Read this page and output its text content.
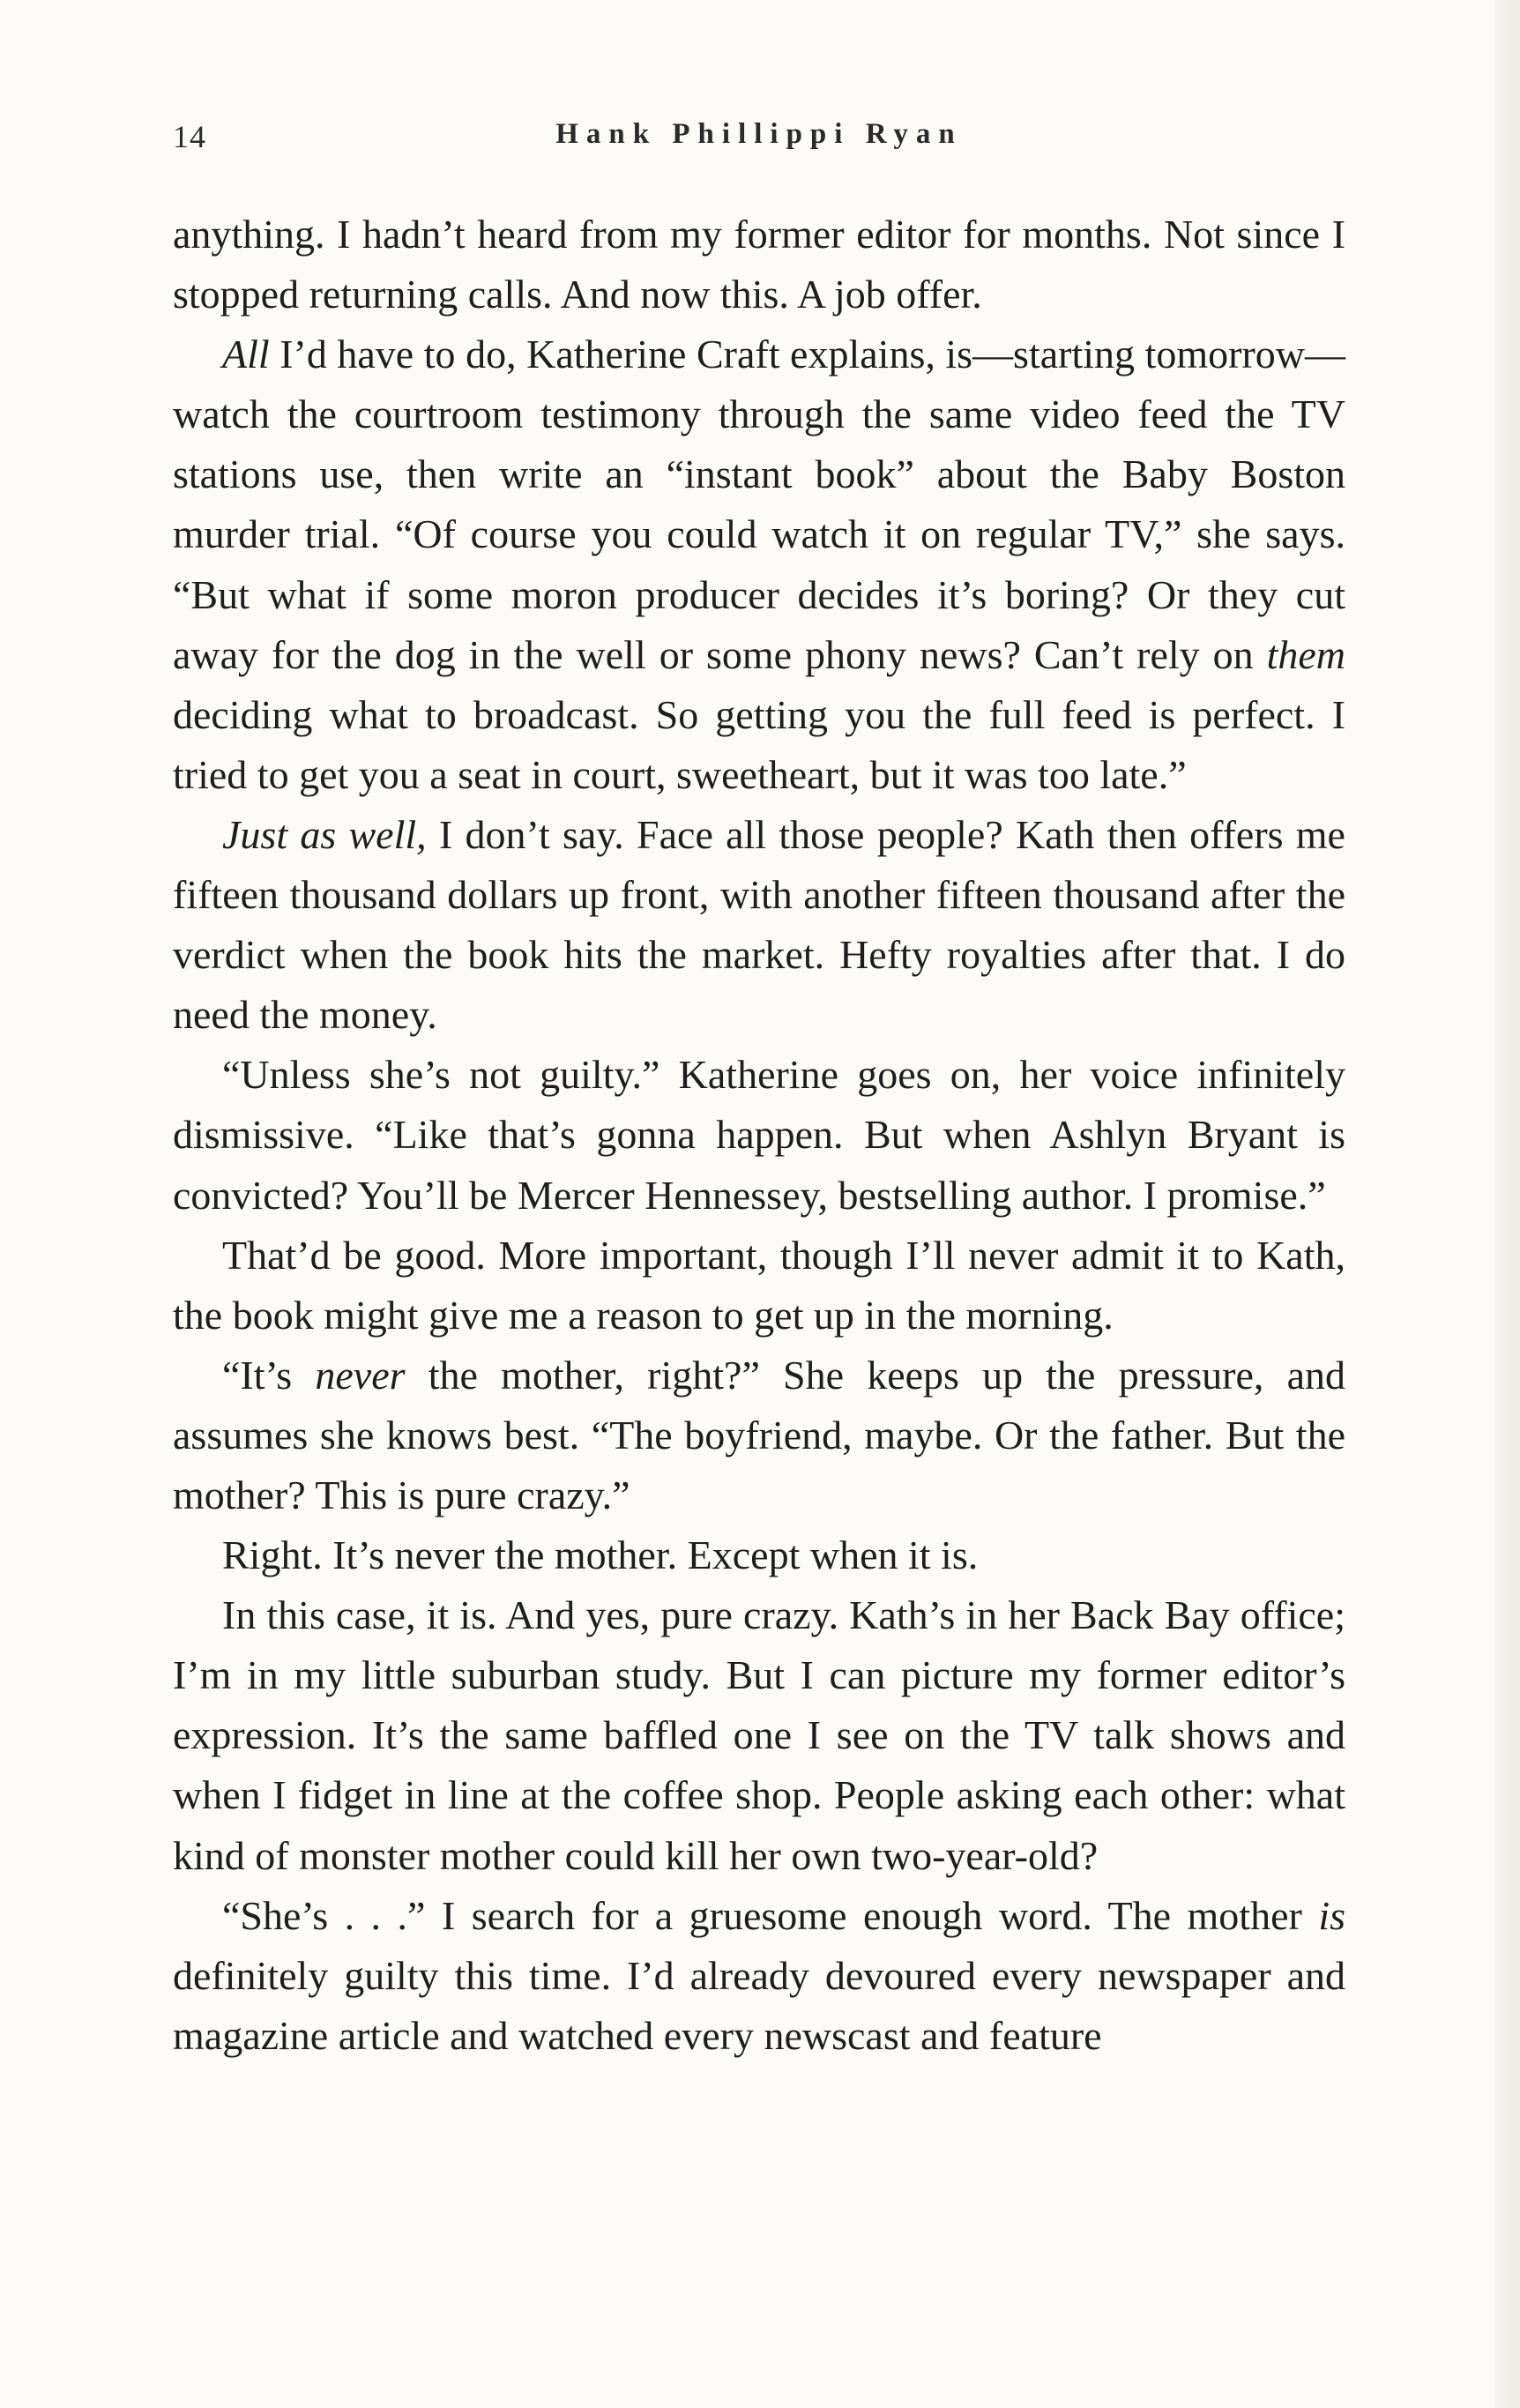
14	Hank Phillippi Ryan

anything. I hadn’t heard from my former editor for months. Not since I stopped returning calls. And now this. A job offer.

All I’d have to do, Katherine Craft explains, is—starting tomorrow—watch the courtroom testimony through the same video feed the TV stations use, then write an “instant book” about the Baby Boston murder trial. “Of course you could watch it on regular TV,” she says. “But what if some moron producer decides it’s boring? Or they cut away for the dog in the well or some phony news? Can’t rely on them deciding what to broadcast. So getting you the full feed is perfect. I tried to get you a seat in court, sweetheart, but it was too late.”

Just as well, I don’t say. Face all those people? Kath then offers me fifteen thousand dollars up front, with another fifteen thousand after the verdict when the book hits the market. Hefty royalties after that. I do need the money.

“Unless she’s not guilty.” Katherine goes on, her voice infinitely dismissive. “Like that’s gonna happen. But when Ashlyn Bryant is convicted? You’ll be Mercer Hennessey, bestselling author. I promise.”

That’d be good. More important, though I’ll never admit it to Kath, the book might give me a reason to get up in the morning.

“It’s never the mother, right?” She keeps up the pressure, and assumes she knows best. “The boyfriend, maybe. Or the father. But the mother? This is pure crazy.”

Right. It’s never the mother. Except when it is.

In this case, it is. And yes, pure crazy. Kath’s in her Back Bay office; I’m in my little suburban study. But I can picture my former editor’s expression. It’s the same baffled one I see on the TV talk shows and when I fidget in line at the coffee shop. People asking each other: what kind of monster mother could kill her own two-year-old?

“She’s . . .” I search for a gruesome enough word. The mother is definitely guilty this time. I’d already devoured every newspaper and magazine article and watched every newscast and feature
